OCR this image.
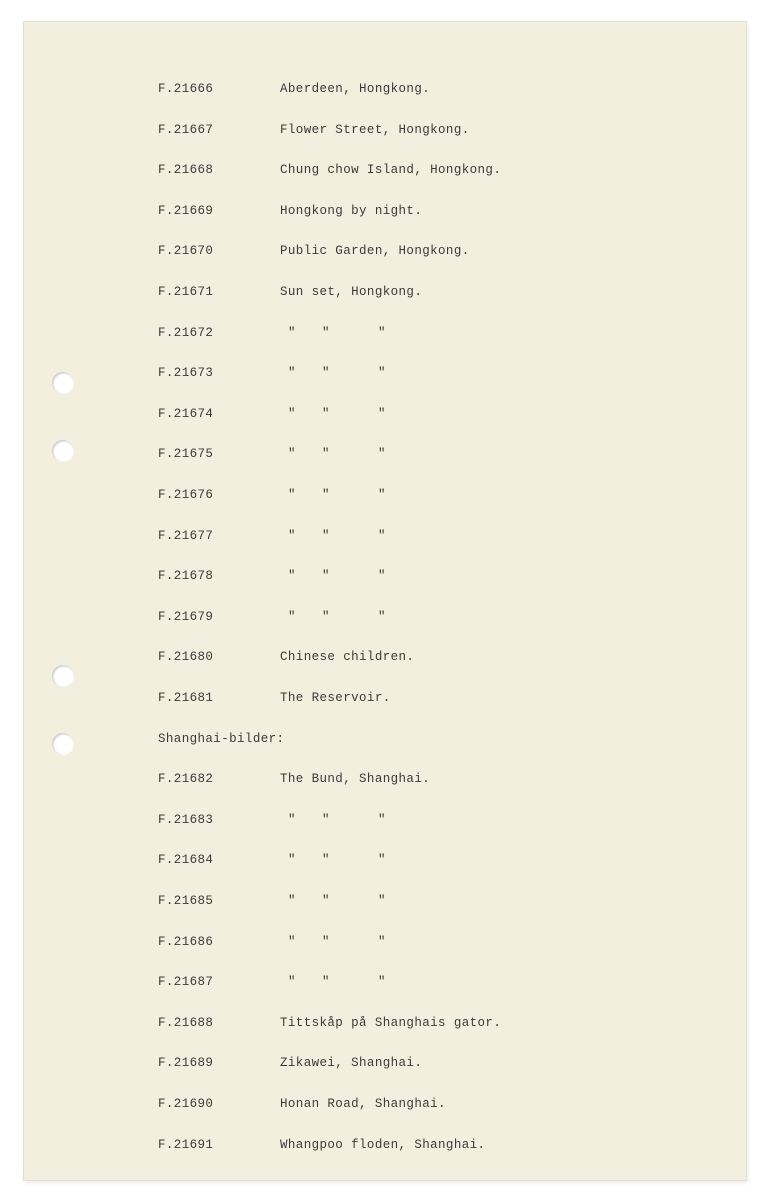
F.21666	Aberdeen, Hongkong.
F.21667	Flower Street, Hongkong.
F.21668	Chung chow Island, Hongkong.
F.21669	Hongkong by night.
F.21670	Public Garden, Hongkong.
F.21671	Sun set, Hongkong.
F.21672	" "	"
F.21673	" "	"
F.21674	" "	"
F.21675	" "	"
F.21676	" "	"
F.21677	" "	"
F.21678	" "	"
F.21679	" "	"
F.21680	Chinese children.
F.21681	The Reservoir.
Shanghai-bilder:
F.21682	The Bund, Shanghai.
F.21683	" "	"
F.21684	" "	"
F.21685	" "	"
F.21686	" "	"
F.21687	" "	"
F.21688	Tittskåp på Shanghais gator.
F.21689	Zikawei, Shanghai.
F.21690	Honan Road, Shanghai.
F.21691	Whangpoo floden, Shanghai.
